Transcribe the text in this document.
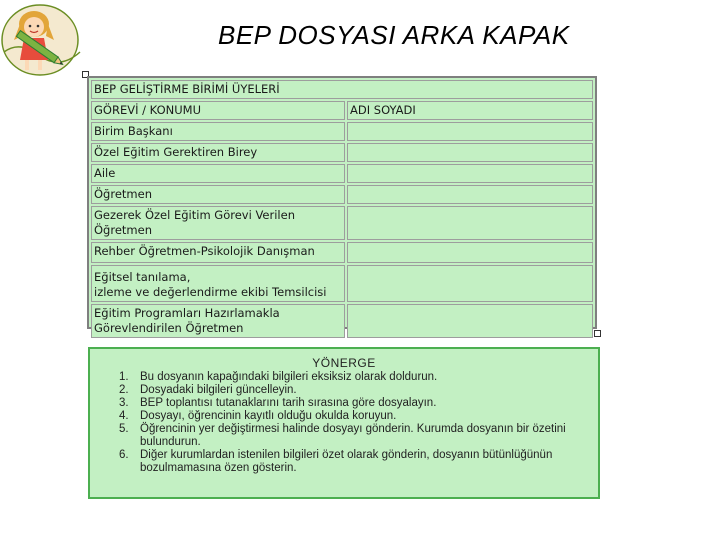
BEP DOSYASI ARKA KAPAK
BEP GELİŞTİRME BİRİMİ ÜYELERİ	
GÖREVİ / KONUMU	ADI SOYADI
Birim Başkanı	
Özel Eğitim Gerektiren Birey	
Aile	
Öğretmen	

Gezerek Özel Eğitim Görevi Verilen
Öğretmen	

Rehber Öğretmen-Psikolojik Danışman	

Eğitsel tanılama,
izleme ve değerlendirme ekibi Temsilcisi	

Eğitim Programları Hazırlamakla
Görevlendirilen Öğretmen	

YÖNERGE
1. Bu dosyanın kapağındaki bilgileri eksiksiz olarak doldurun.
2. Dosyadaki bilgileri güncelleyin.
3. BEP toplantısı tutanaklarını tarih sırasına göre dosyalayın.
4. Dosyayı, öğrencinin kayıtlı olduğu okulda koruyun.
5. Öğrencinin yer değiştirmesi halinde dosyayı gönderin. Kurumda dosyanın bir özetini bulundurun.
6. Diğer kurumlardan istenilen bilgileri özet olarak gönderin, dosyanın bütünlüğünün bozulmamasına özen gösterin.
